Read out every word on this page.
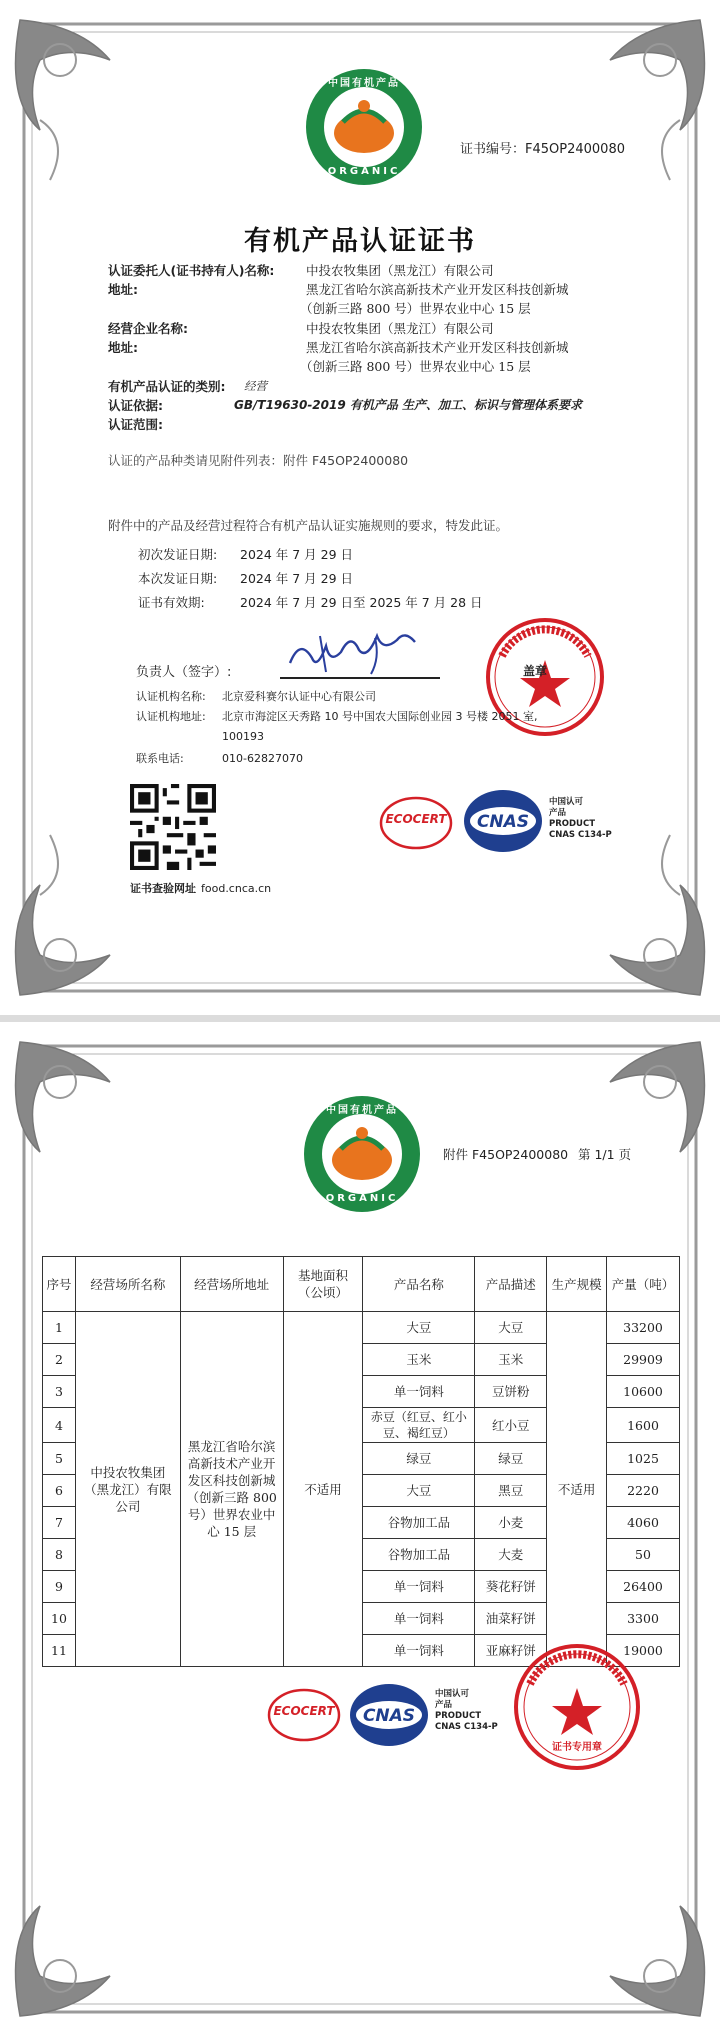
中国有机产品
ORGANIC
证书编号：F45OP2400080
有机产品认证证书
认证委托人(证书持有人)名称:	中投农牧集团（黑龙江）有限公司
地址:	黑龙江省哈尔滨高新技术产业开发区科技创新城
（创新三路 800 号）世界农业中心 15 层
经营企业名称:	中投农牧集团（黑龙江）有限公司
地址:	黑龙江省哈尔滨高新技术产业开发区科技创新城
（创新三路 800 号）世界农业中心 15 层
有机产品认证的类别: 经营
认证依据:	GB/T19630-2019 有机产品 生产、加工、标识与管理体系要求
认证范围:
认证的产品种类请见附件列表：附件 F45OP2400080
附件中的产品及经营过程符合有机产品认证实施规则的要求，特发此证。
初次发证日期: 2024 年 7 月 29 日
本次发证日期: 2024 年 7 月 29 日
证书有效期:	2024 年 7 月 29 日至 2025 年 7 月 28 日
负责人（签字）:	盖章
认证机构名称: 北京爱科赛尔认证中心有限公司
认证机构地址: 北京市海淀区天秀路 10 号中国农大国际创业园 3 号楼 2051 室,
100193
联系电话:	010-62827070
证书查验网址 food.cnca.cn
ECOCERT	CNAS
中国认可
产品
PRODUCT
CNAS C134-P
中国有机产品
ORGANIC
附件 F45OP2400080 第 1/1 页
序号	经营场所名称	经营场所地址	基地面积（公顷）	产品名称	产品描述	生产规模	产量（吨）
1	中投农牧集团（黑龙江）有限公司	黑龙江省哈尔滨高新技术产业开发区科技创新城（创新三路 800 号）世界农业中心 15 层	不适用	大豆	大豆	不适用	33200
2				玉米	玉米		29909
3				单一饲料	豆饼粉		10600
4				赤豆（红豆、红小豆、褐红豆）	红小豆		1600
5				绿豆	绿豆		1025
6				大豆	黑豆		2220
7				谷物加工品	小麦		4060
8				谷物加工品	大麦		50
9				单一饲料	葵花籽饼		26400
10				单一饲料	油菜籽饼		3300
11				单一饲料	亚麻籽饼		19000
ECOCERT	CNAS
中国认可
产品
PRODUCT
CNAS C134-P
证书专用章
